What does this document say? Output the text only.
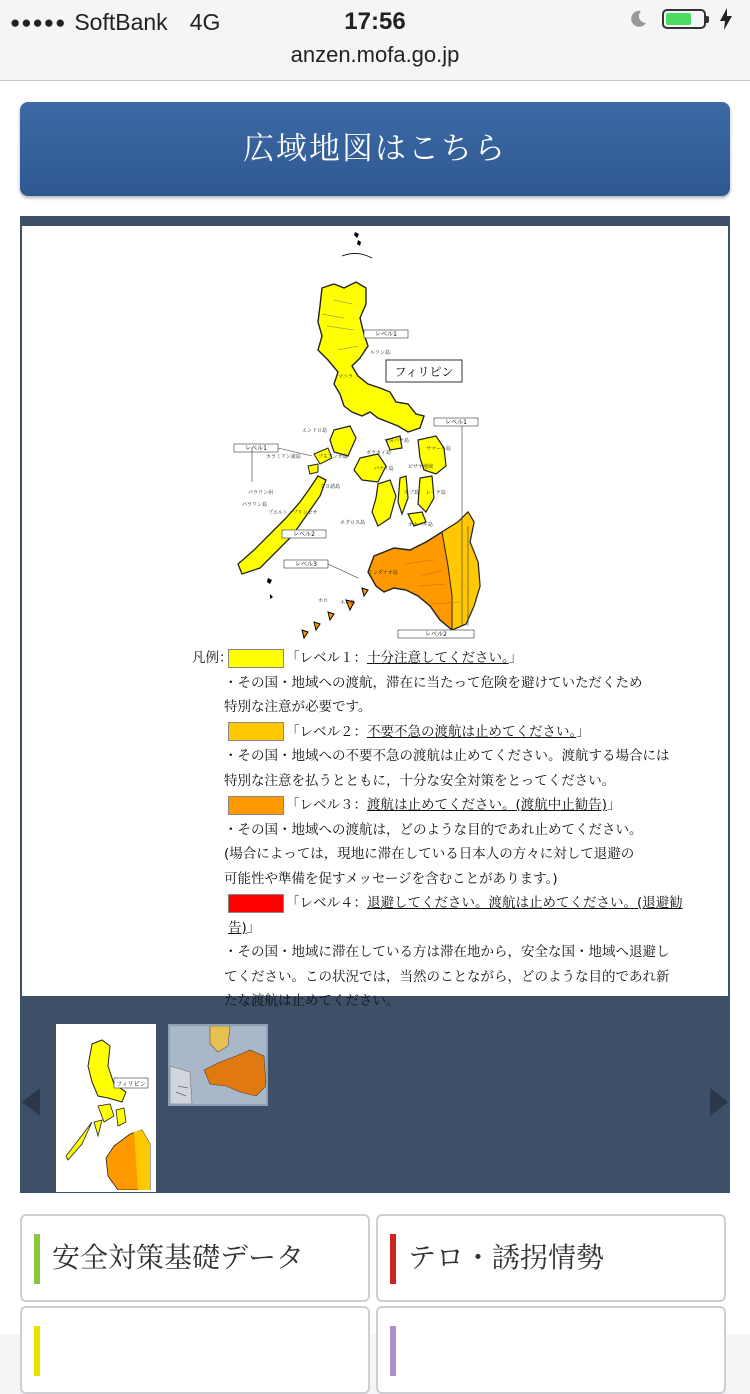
●●●●● SoftBank 4G	17:56
anzen.mofa.go.jp
広域地図はこちら
フィリピン
レベル1
レベル1
レベル1
レベル2
レベル3
レベル2
ルソン島
マニラ
エンドロ島
カラミアン諸島	ブスアンガ島
ボラカイ島
マスバテ島
パナイ島
クヨ諸島
パラワン州
パラワン島
プエルト・プリンセサ
ネグロス島
サマール島
ビサヤ地域
レイテ島
セブ島
ボホール島
ミンダナオ島
ホロ島
ホロ
凡例：	「レベル１：十分注意してください。」
・その国・地域への渡航，滞在に当たって危険を避けていただくため
特別な注意が必要です。
「レベル２：不要不急の渡航は止めてください。」
・その国・地域への不要不急の渡航は止めてください。渡航する場合には
特別な注意を払うとともに，十分な安全対策をとってください。
「レベル３：渡航は止めてください。(渡航中止勧告)」
・その国・地域への渡航は，どのような目的であれ止めてください。
(場合によっては，現地に滞在している日本人の方々に対して退避の
可能性や準備を促すメッセージを含むことがあります。)
「レベル４：退避してください。渡航は止めてください。(退避勧告)」
・その国・地域に滞在している方は滞在地から，安全な国・地域へ退避し
てください。この状況では，当然のことながら，どのような目的であれ新
たな渡航は止めてください。
フィリピン
安全対策基礎データ	テロ・誘拐情勢
